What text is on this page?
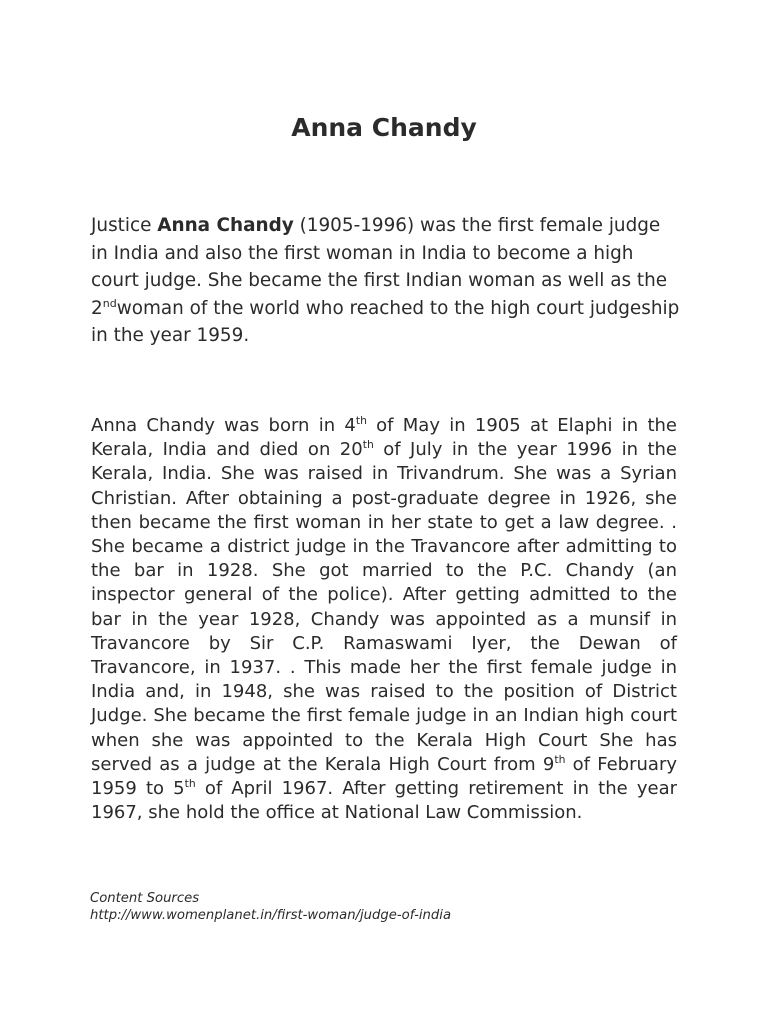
Anna Chandy

Justice Anna Chandy (1905-1996) was the first female judge in India and also the first woman in India to become a high court judge. She became the first Indian woman as well as the 2ndwoman of the world who reached to the high court judgeship in the year 1959.

Anna Chandy was born in 4th of May in 1905 at Elaphi in the Kerala, India and died on 20th of July in the year 1996 in the Kerala, India. She was raised in Trivandrum. She was a Syrian Christian. After obtaining a post-graduate degree in 1926, she then became the first woman in her state to get a law degree. . She became a district judge in the Travancore after admitting to the bar in 1928. She got married to the P.C. Chandy (an inspector general of the police). After getting admitted to the bar in the year 1928, Chandy was appointed as a munsif in Travancore by Sir C.P. Ramaswami Iyer, the Dewan of Travancore, in 1937. . This made her the first female judge in India and, in 1948, she was raised to the position of District Judge. She became the first female judge in an Indian high court when she was appointed to the Kerala High Court She has served as a judge at the Kerala High Court from 9th of February 1959 to 5th of April 1967. After getting retirement in the year 1967, she hold the office at National Law Commission.

Content Sources
http://www.womenplanet.in/first-woman/judge-of-india
